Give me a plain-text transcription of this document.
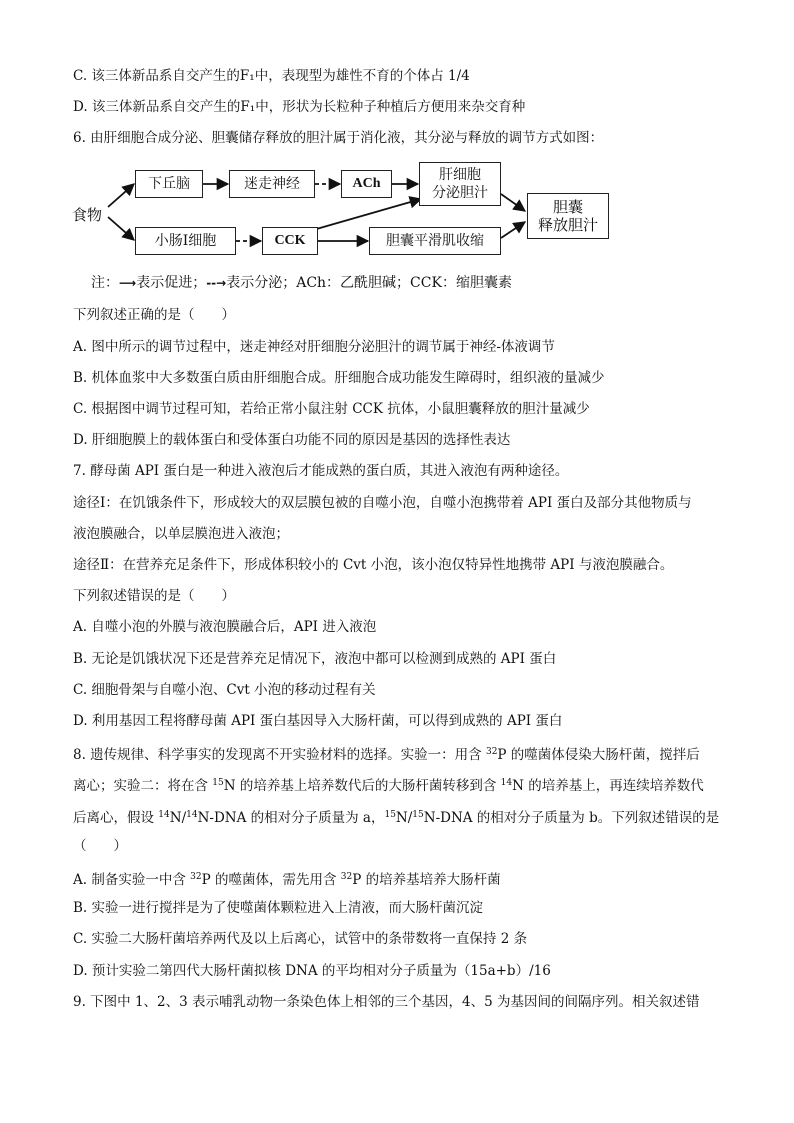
C. 该三体新品系自交产生的F₁中，表现型为雄性不育的个体占 1/4
D. 该三体新品系自交产生的F₁中，形状为长粒种子种植后方便用来杂交育种
6. 由肝细胞合成分泌、胆囊储存释放的胆汁属于消化液，其分泌与释放的调节方式如图：
食物
下丘脑	迷走神经	ACh
肝细胞
分泌胆汁
胆囊
释放胆汁
小肠Ⅰ细胞	CCK	胆囊平滑肌收缩
注：⟶表示促进；--→表示分泌；ACh：乙酰胆碱；CCK：缩胆囊素
下列叙述正确的是（　　）
A. 图中所示的调节过程中，迷走神经对肝细胞分泌胆汁的调节属于神经-体液调节
B. 机体血浆中大多数蛋白质由肝细胞合成。肝细胞合成功能发生障碍时，组织液的量减少
C. 根据图中调节过程可知，若给正常小鼠注射 CCK 抗体，小鼠胆囊释放的胆汁量减少
D. 肝细胞膜上的载体蛋白和受体蛋白功能不同的原因是基因的选择性表达
7. 酵母菌 API 蛋白是一种进入液泡后才能成熟的蛋白质，其进入液泡有两种途径。
途径Ⅰ：在饥饿条件下，形成较大的双层膜包被的自噬小泡，自噬小泡携带着 API 蛋白及部分其他物质与
液泡膜融合，以单层膜泡进入液泡；
途径Ⅱ：在营养充足条件下，形成体积较小的 Cvt 小泡，该小泡仅特异性地携带 API 与液泡膜融合。
下列叙述错误的是（　　）
A. 自噬小泡的外膜与液泡膜融合后，API 进入液泡
B. 无论是饥饿状况下还是营养充足情况下，液泡中都可以检测到成熟的 API 蛋白
C. 细胞骨架与自噬小泡、Cvt 小泡的移动过程有关
D. 利用基因工程将酵母菌 API 蛋白基因导入大肠杆菌，可以得到成熟的 API 蛋白
8. 遗传规律、科学事实的发现离不开实验材料的选择。实验一：用含 $^{32}$P 的噬菌体侵染大肠杆菌，搅拌后
离心；实验二：将在含 $^{15}$N 的培养基上培养数代后的大肠杆菌转移到含 $^{14}$N 的培养基上，再连续培养数代
后离心，假设 $^{14}$N/$^{14}$N-DNA 的相对分子质量为 a，$^{15}$N/$^{15}$N-DNA 的相对分子质量为 b。下列叙述错误的是
（　　）
A. 制备实验一中含 $^{32}$P 的噬菌体，需先用含 $^{32}$P 的培养基培养大肠杆菌
B. 实验一进行搅拌是为了使噬菌体颗粒进入上清液，而大肠杆菌沉淀
C. 实验二大肠杆菌培养两代及以上后离心，试管中的条带数将一直保持 2 条
D. 预计实验二第四代大肠杆菌拟核 DNA 的平均相对分子质量为（15a+b）/16
9. 下图中 1、2、3 表示哺乳动物一条染色体上相邻的三个基因，4、5 为基因间的间隔序列。相关叙述错
